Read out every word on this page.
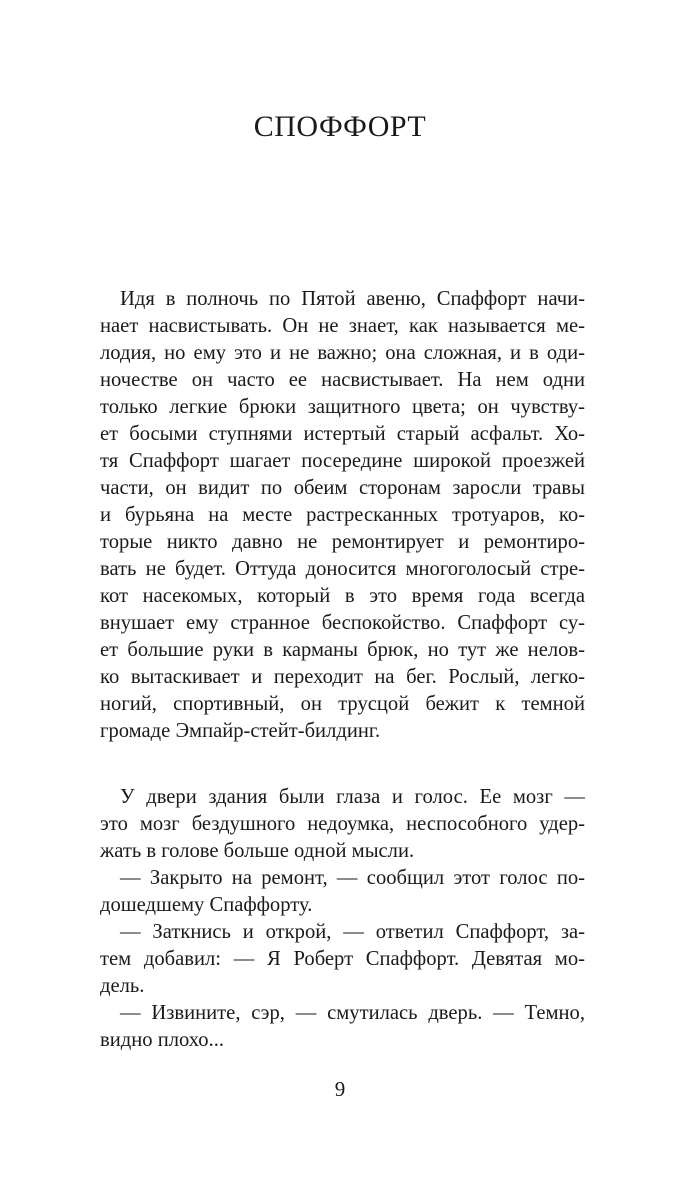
СПОФФОРТ
Идя в полночь по Пятой авеню, Спаффорт начи-
нает насвистывать. Он не знает, как называется ме-
лодия, но ему это и не важно; она сложная, и в оди-
ночестве он часто ее насвистывает. На нем одни
только легкие брюки защитного цвета; он чувству-
ет босыми ступнями истертый старый асфальт. Хо-
тя Спаффорт шагает посередине широкой проезжей
части, он видит по обеим сторонам заросли травы
и бурьяна на месте растресканных тротуаров, ко-
торые никто давно не ремонтирует и ремонтиро-
вать не будет. Оттуда доносится многоголосый стре-
кот насекомых, который в это время года всегда
внушает ему странное беспокойство. Спаффорт су-
ет большие руки в карманы брюк, но тут же нелов-
ко вытаскивает и переходит на бег. Рослый, легко-
ногий, спортивный, он трусцой бежит к темной
громаде Эмпайр-стейт-билдинг.
У двери здания были глаза и голос. Ее мозг —
это мозг бездушного недоумка, неспособного удер-
жать в голове больше одной мысли.
— Закрыто на ремонт, — сообщил этот голос по-
дошедшему Спаффорту.
— Заткнись и открой, — ответил Спаффорт, за-
тем добавил: — Я Роберт Спаффорт. Девятая мо-
дель.
— Извините, сэр, — смутилась дверь. — Темно,
видно плохо...
9
